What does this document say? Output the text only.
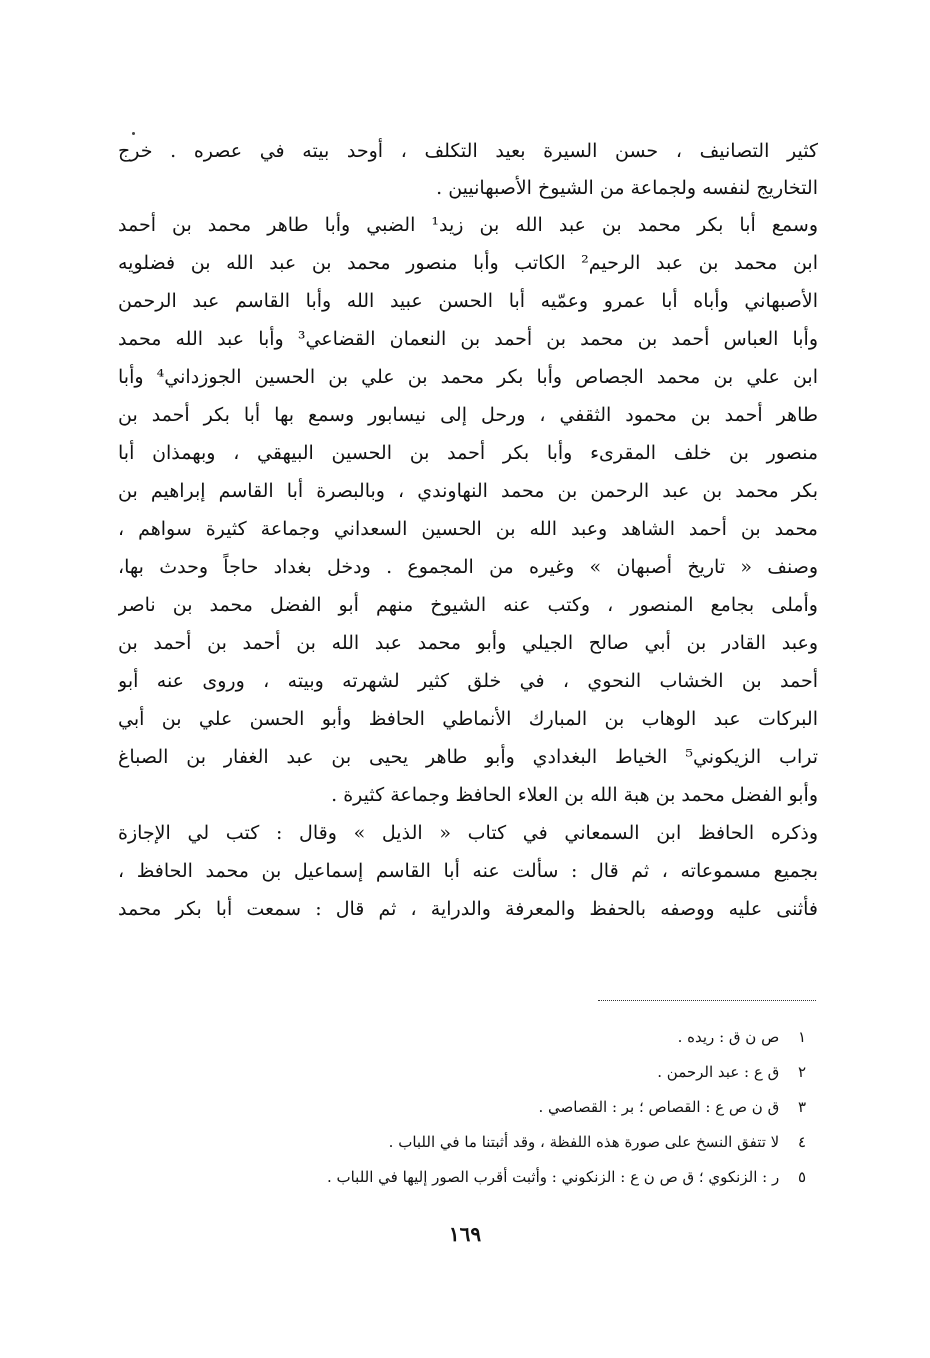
كثير التصانيف ، حسن السيرة بعيد التكلف ، أوحد بيته في عصره . خرج
التخاريج لنفسه ولجماعة من الشيوخ الأصبهانيين .
وسمع أبا بكر محمد بن عبد الله بن زيد¹ الضبي وأبا طاهر محمد بن أحمد
ابن محمد بن عبد الرحيم² الكاتب وأبا منصور محمد بن عبد الله بن فضلويه
الأصبهاني وأباه أبا عمرو وعمّيه أبا الحسن عبيد الله وأبا القاسم عبد الرحمن
وأبا العباس أحمد بن محمد بن أحمد بن النعمان القضاعي³ وأبا عبد الله محمد
ابن علي بن محمد الجصاص وأبا بكر محمد بن علي بن الحسين الجوزداني⁴ وأبا
طاهر أحمد بن محمود الثقفي ، ورحل إلى نيسابور وسمع بها أبا بكر أحمد بن
منصور بن خلف المقرىء وأبا بكر أحمد بن الحسين البيهقي ، وبهمذان أبا
بكر محمد بن عبد الرحمن بن محمد النهاوندي ، وبالبصرة أبا القاسم إبراهيم بن
محمد بن أحمد الشاهد وعبد الله بن الحسين السعداني وجماعة كثيرة سواهم ،
وصنف « تاريخ أصبهان » وغيره من المجموع . ودخل بغداد حاجاً وحدث بها،
وأملى بجامع المنصور ، وكتب عنه الشيوخ منهم أبو الفضل محمد بن ناصر
وعبد القادر بن أبي صالح الجيلي وأبو محمد عبد الله بن أحمد بن أحمد بن
أحمد بن الخشاب النحوي ، في خلق كثير لشهرته وبيته ، وروى عنه أبو
البركات عبد الوهاب بن المبارك الأنماطي الحافظ وأبو الحسن علي بن أبي
تراب الزيكوني⁵ الخياط البغدادي وأبو طاهر يحيى بن عبد الغفار بن الصباغ
وأبو الفضل محمد بن هبة الله بن العلاء الحافظ وجماعة كثيرة .
وذكره الحافظ ابن السمعاني في كتاب « الذيل » وقال : كتب لي الإجازة
بجميع مسموعاته ، ثم قال : سألت عنه أبا القاسم إسماعيل بن محمد الحافظ ،
فأثنى عليه ووصفه بالحفظ والمعرفة والدراية ، ثم قال : سمعت أبا بكر محمد
١ ص ن ق : ريده .
٢ ق ع : عبد الرحمن .
٣ ق ن ص ع : القصاص ؛ بر : القصاصي .
٤ لا تتفق النسخ على صورة هذه اللفظة ، وقد أثبتنا ما في اللباب .
٥ ر : الزنكوي ؛ ق ص ن ع : الزنكوني : وأثبت أقرب الصور إليها في اللباب .
١٦٩
